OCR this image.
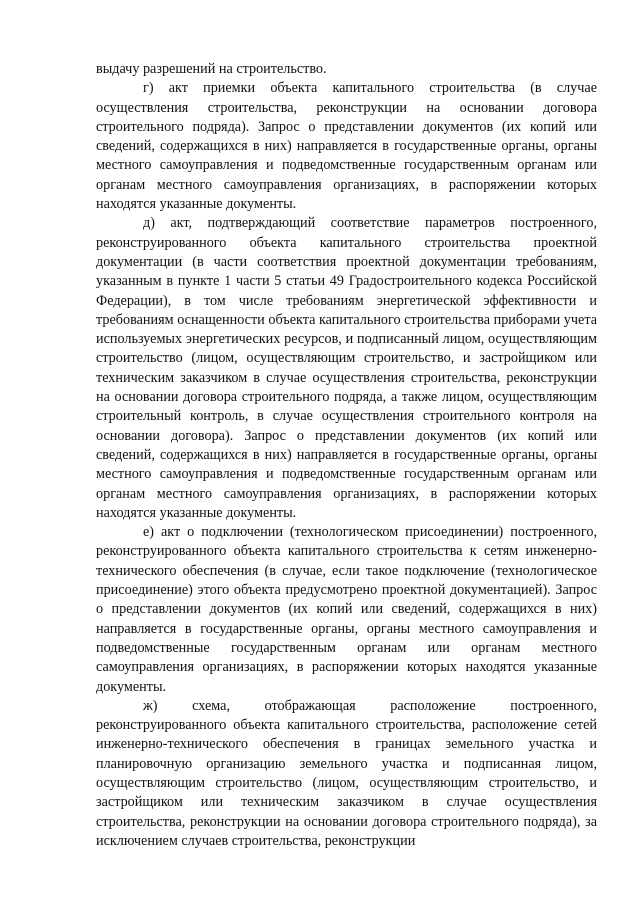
выдачу разрешений на строительство.

г) акт приемки объекта капитального строительства (в случае осуществления строительства, реконструкции на основании договора строительного подряда). Запрос о представлении документов (их копий или сведений, содержащихся в них) направляется в государственные органы, органы местного самоуправления и подведомственные государственным органам или органам местного самоуправления организациях, в распоряжении которых находятся указанные документы.

д) акт, подтверждающий соответствие параметров построенного, реконструированного объекта капитального строительства проектной документации (в части соответствия проектной документации требованиям, указанным в пункте 1 части 5 статьи 49 Градостроительного кодекса Российской Федерации), в том числе требованиям энергетической эффективности и требованиям оснащенности объекта капитального строительства приборами учета используемых энергетических ресурсов, и подписанный лицом, осуществляющим строительство (лицом, осуществляющим строительство, и застройщиком или техническим заказчиком в случае осуществления строительства, реконструкции на основании договора строительного подряда, а также лицом, осуществляющим строительный контроль, в случае осуществления строительного контроля на основании договора). Запрос о представлении документов (их копий или сведений, содержащихся в них) направляется в государственные органы, органы местного самоуправления и подведомственные государственным органам или органам местного самоуправления организациях, в распоряжении которых находятся указанные документы.

е) акт о подключении (технологическом присоединении) построенного, реконструированного объекта капитального строительства к сетям инженерно-технического обеспечения (в случае, если такое подключение (технологическое присоединение) этого объекта предусмотрено проектной документацией). Запрос о представлении документов (их копий или сведений, содержащихся в них) направляется в государственные органы, органы местного самоуправления и подведомственные государственным органам или органам местного самоуправления организациях, в распоряжении которых находятся указанные документы.

ж) схема, отображающая расположение построенного, реконструированного объекта капитального строительства, расположение сетей инженерно-технического обеспечения в границах земельного участка и планировочную организацию земельного участка и подписанная лицом, осуществляющим строительство (лицом, осуществляющим строительство, и застройщиком или техническим заказчиком в случае осуществления строительства, реконструкции на основании договора строительного подряда), за исключением случаев строительства, реконструкции
